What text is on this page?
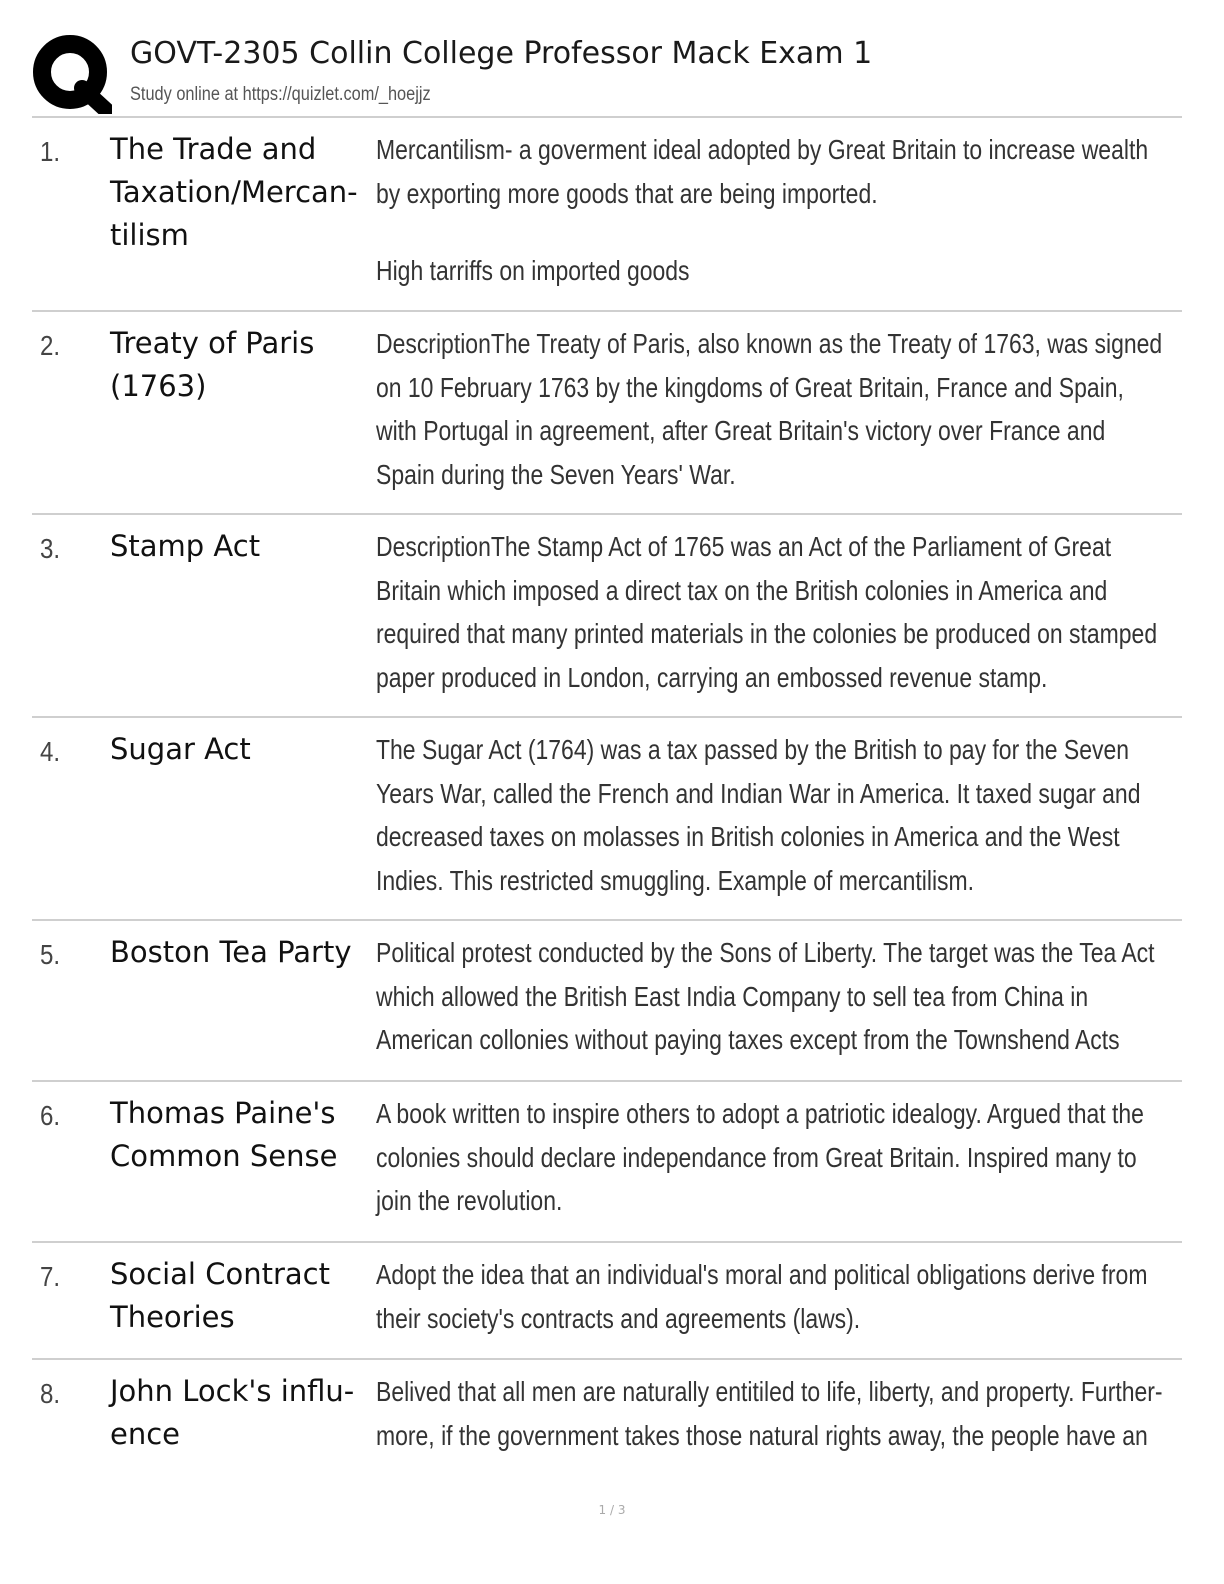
GOVT-2305 Collin College Professor Mack Exam 1
Study online at https://quizlet.com/_hoejjz
1. The Trade and Taxation/Mercan-tilism

Mercantilism- a goverment ideal adopted by Great Britain to increase wealth by exporting more goods that are being imported.

High tarriffs on imported goods

2. Treaty of Paris (1763)

DescriptionThe Treaty of Paris, also known as the Treaty of 1763, was signed on 10 February 1763 by the kingdoms of Great Britain, France and Spain, with Portugal in agreement, after Great Britain's victory over France and Spain during the Seven Years' War.

3. Stamp Act	DescriptionThe Stamp Act of 1765 was an Act of the Parliament of Great Britain which imposed a direct tax on the British colonies in America and required that many printed materials in the colonies be produced on stamped paper produced in London, carrying an embossed revenue stamp.

4. Sugar Act	The Sugar Act (1764) was a tax passed by the British to pay for the Seven Years War, called the French and Indian War in America. It taxed sugar and decreased taxes on molasses in British colonies in America and the West Indies. This restricted smuggling. Example of mercantilism.

5. Boston Tea Party Political protest conducted by the Sons of Liberty. The target was the Tea Act which allowed the British East India Company to sell tea from China in American collonies without paying taxes except from the Townshend Acts

6. Thomas Paine's Common Sense

A book written to inspire others to adopt a patriotic idealogy. Argued that the colonies should declare independance from Great Britain. Inspired many to join the revolution.

7. Social Contract Theories

Adopt the idea that an individual's moral and political obligations derive from their society's contracts and agreements (laws).

8. John Lock's influ-ence

Belived that all men are naturally entitiled to life, liberty, and property. Further-more, if the government takes those natural rights away, the people have an

1 / 3
